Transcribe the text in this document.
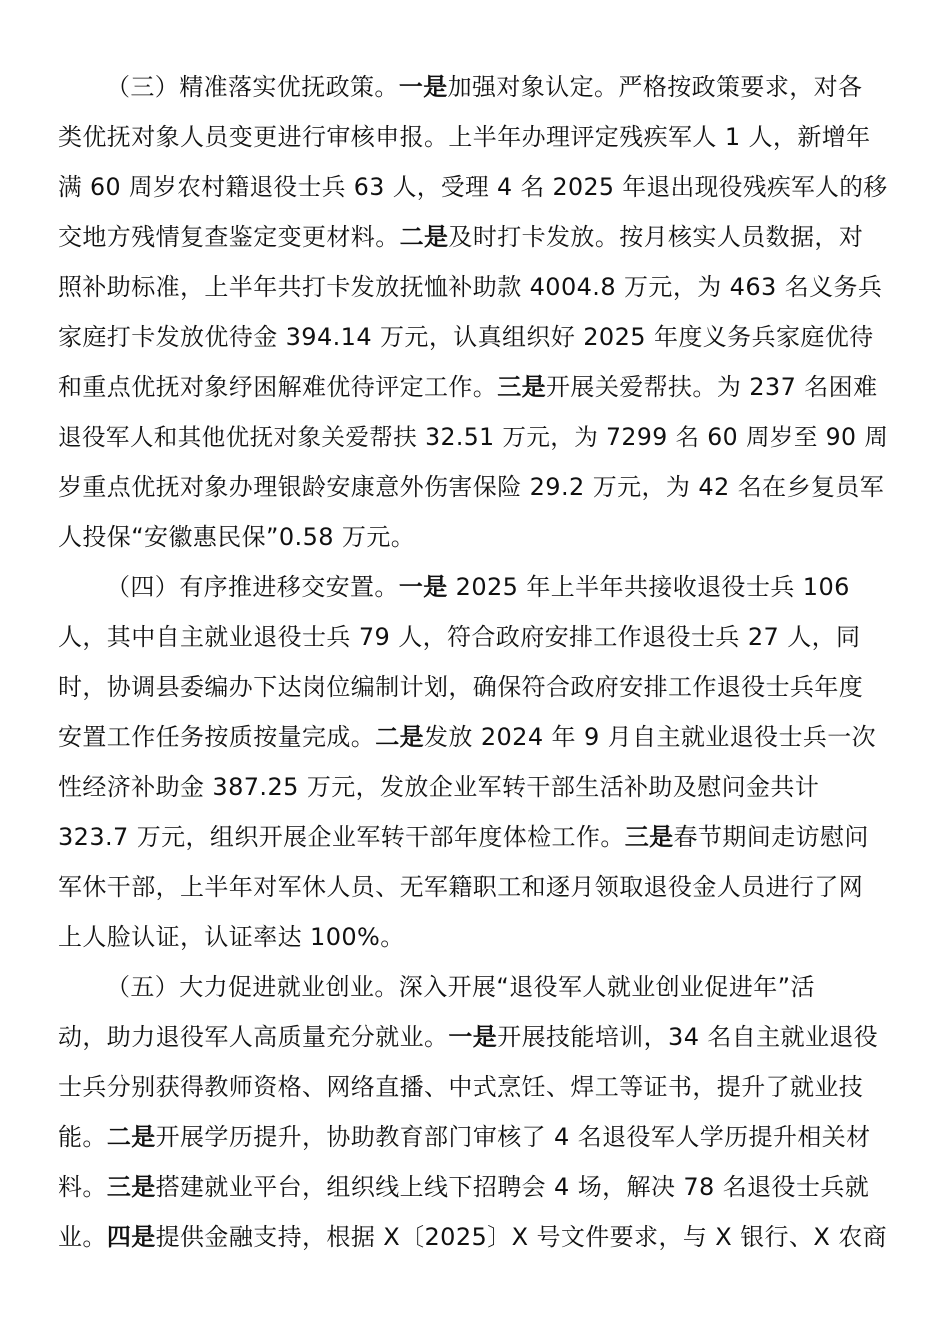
（三）精准落实优抚政策。一是加强对象认定。严格按政策要求，对各
类优抚对象人员变更进行审核申报。上半年办理评定残疾军人 1 人，新增年
满 60 周岁农村籍退役士兵 63 人，受理 4 名 2025 年退出现役残疾军人的移
交地方残情复查鉴定变更材料。二是及时打卡发放。按月核实人员数据，对
照补助标准，上半年共打卡发放抚恤补助款 4004.8 万元，为 463 名义务兵
家庭打卡发放优待金 394.14 万元，认真组织好 2025 年度义务兵家庭优待
和重点优抚对象纾困解难优待评定工作。三是开展关爱帮扶。为 237 名困难
退役军人和其他优抚对象关爱帮扶 32.51 万元，为 7299 名 60 周岁至 90 周
岁重点优抚对象办理银龄安康意外伤害保险 29.2 万元，为 42 名在乡复员军
人投保“安徽惠民保”0.58 万元。
（四）有序推进移交安置。一是 2025 年上半年共接收退役士兵 106
人，其中自主就业退役士兵 79 人，符合政府安排工作退役士兵 27 人，同
时，协调县委编办下达岗位编制计划，确保符合政府安排工作退役士兵年度
安置工作任务按质按量完成。二是发放 2024 年 9 月自主就业退役士兵一次
性经济补助金 387.25 万元，发放企业军转干部生活补助及慰问金共计
323.7 万元，组织开展企业军转干部年度体检工作。三是春节期间走访慰问
军休干部，上半年对军休人员、无军籍职工和逐月领取退役金人员进行了网
上人脸认证，认证率达 100%。
（五）大力促进就业创业。深入开展“退役军人就业创业促进年”活
动，助力退役军人高质量充分就业。一是开展技能培训，34 名自主就业退役
士兵分别获得教师资格、网络直播、中式烹饪、焊工等证书，提升了就业技
能。二是开展学历提升，协助教育部门审核了 4 名退役军人学历提升相关材
料。三是搭建就业平台，组织线上线下招聘会 4 场，解决 78 名退役士兵就
业。四是提供金融支持，根据 X〔2025〕X 号文件要求，与 X 银行、X 农商
